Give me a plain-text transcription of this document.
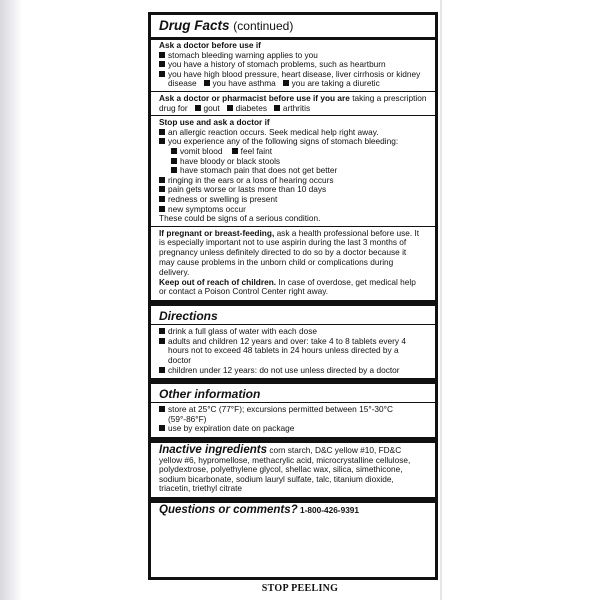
Drug Facts (continued)
Ask a doctor before use if
stomach bleeding warning applies to you
you have a history of stomach problems, such as heartburn
you have high blood pressure, heart disease, liver cirrhosis or kidney
disease you have asthma you are taking a diuretic
Ask a doctor or pharmacist before use if you are taking a prescription
drug for gout diabetes arthritis
Stop use and ask a doctor if
an allergic reaction occurs. Seek medical help right away.
you experience any of the following signs of stomach bleeding:
vomit blood feel faint
have bloody or black stools
have stomach pain that does not get better
ringing in the ears or a loss of hearing occurs
pain gets worse or lasts more than 10 days
redness or swelling is present
new symptoms occur
These could be signs of a serious condition.
If pregnant or breast-feeding, ask a health professional before use. It
is especially important not to use aspirin during the last 3 months of
pregnancy unless definitely directed to do so by a doctor because it
may cause problems in the unborn child or complications during
delivery.
Keep out of reach of children. In case of overdose, get medical help
or contact a Poison Control Center right away.
Directions
drink a full glass of water with each dose
adults and children 12 years and over: take 4 to 8 tablets every 4
hours not to exceed 48 tablets in 24 hours unless directed by a
doctor
children under 12 years: do not use unless directed by a doctor
Other information
store at 25°C (77°F); excursions permitted between 15°-30°C
(59°-86°F)
use by expiration date on package
Inactive ingredients corn starch, D&C yellow #10, FD&C
yellow #6, hypromellose, methacrylic acid, microcrystalline cellulose,
polydextrose, polyethylene glycol, shellac wax, silica, simethicone,
sodium bicarbonate, sodium lauryl sulfate, talc, titanium dioxide,
triacetin, triethyl citrate
Questions or comments? 1-800-426-9391
STOP PEELING
